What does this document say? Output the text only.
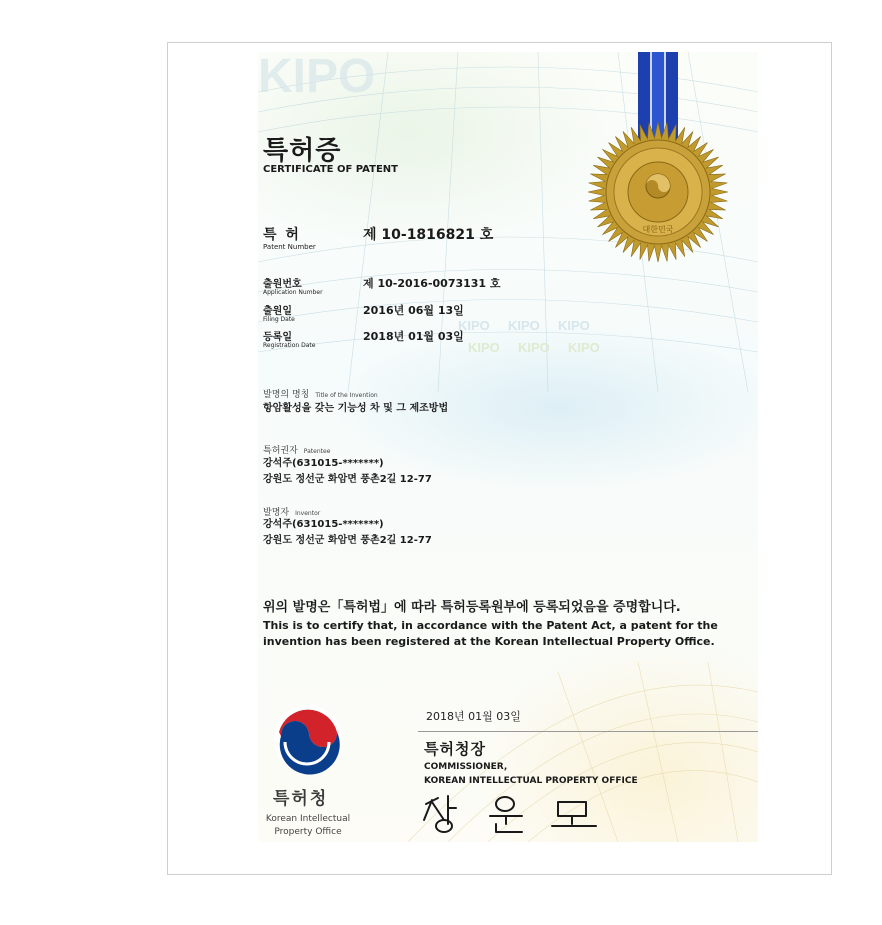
KIPO
KIPO KIPO KIPO
KIPO KIPO KIPO
대한민국
특허증
CERTIFICATE OF PATENT
특 허
Patent Number
제 10-1816821 호
출원번호
Application Number
제 10-2016-0073131 호
출원일
Filing Date
2016년 06월 13일
등록일
Registration Date
2018년 01월 03일
발명의 명칭 Title of the Invention
항암활성을 갖는 기능성 차 및 그 제조방법
특허권자 Patentee
강석주(631015-*******)
강원도 정선군 화암면 풍촌2길 12-77
발명자 Inventor
강석주(631015-*******)
강원도 정선군 화암면 풍촌2길 12-77
위의 발명은「특허법」에 따라 특허등록원부에 등록되었음을 증명합니다.
This is to certify that, in accordance with the Patent Act, a patent for the invention has been registered at the Korean Intellectual Property Office.
특허청
Korean Intellectual
Property Office
2018년 01월 03일
특허청장
COMMISSIONER,
KOREAN INTELLECTUAL PROPERTY OFFICE
